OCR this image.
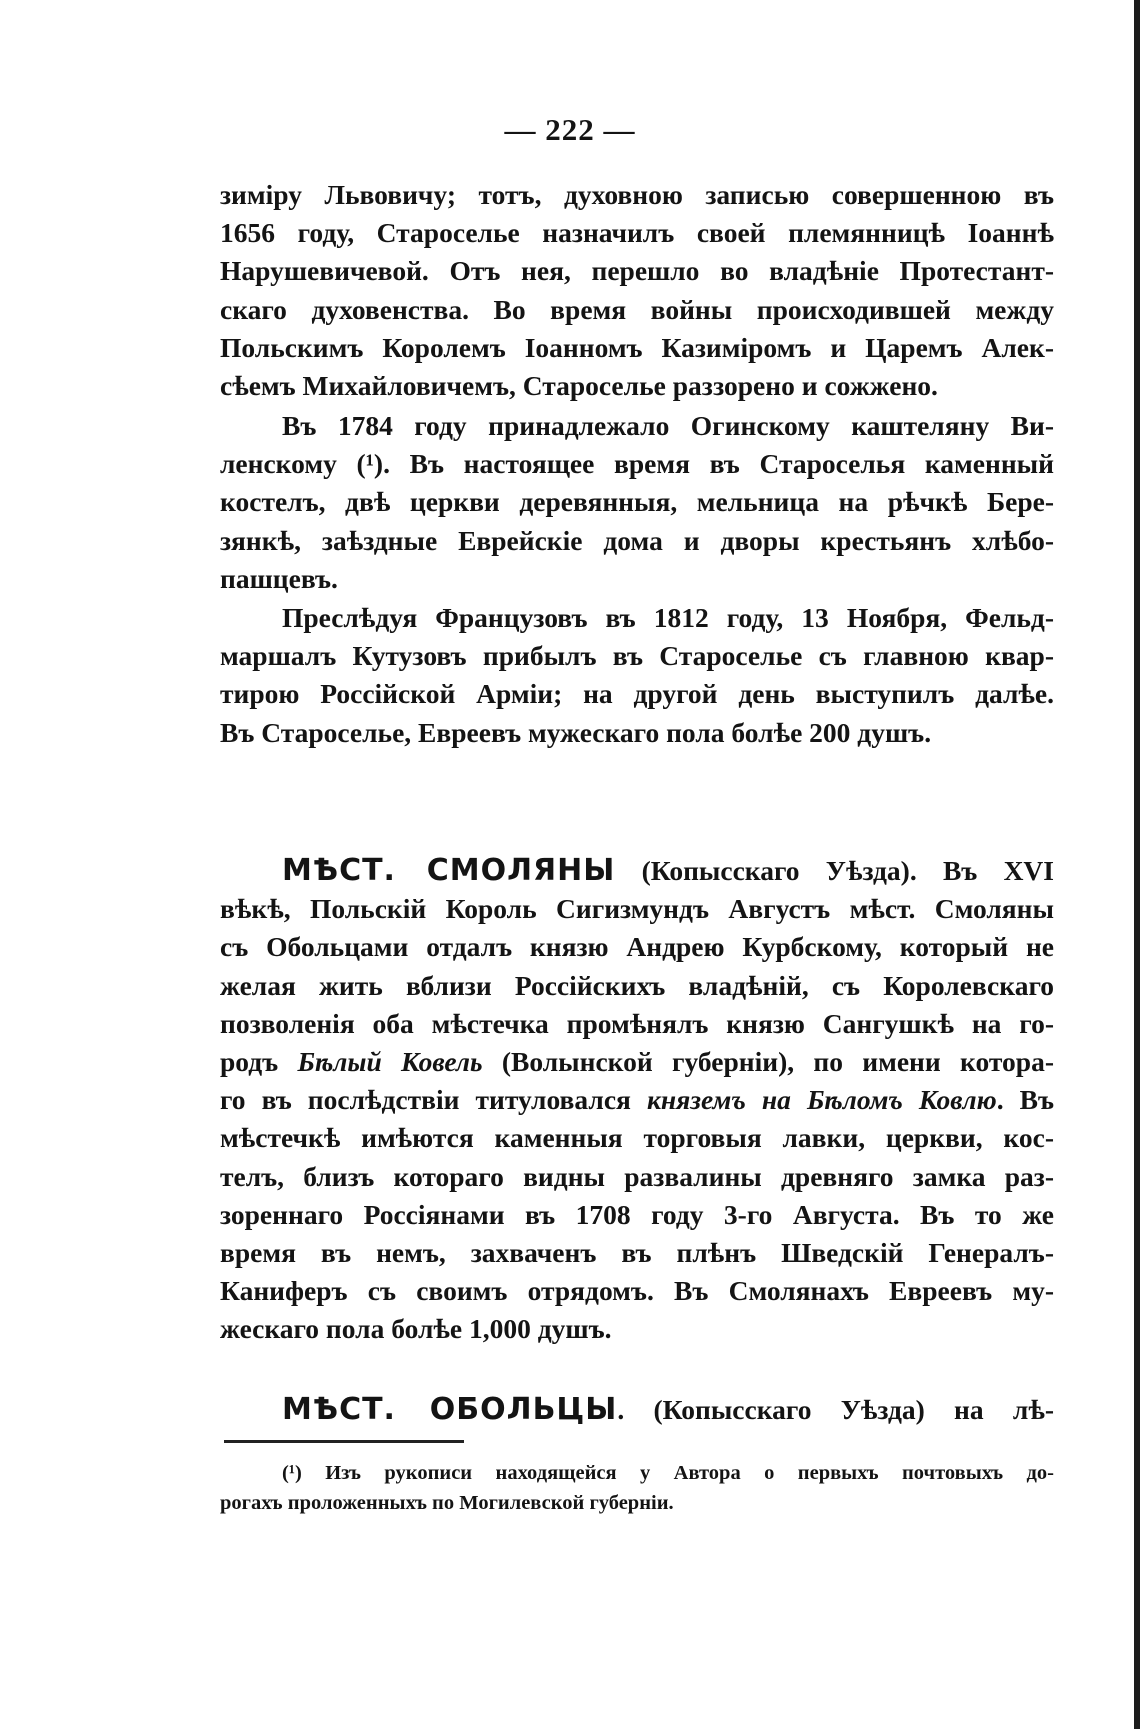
— 222 —

зиміру Львовичу; тотъ, духовною записью совершенною въ

1656 году, Староселье назначилъ своей племянницѣ Іоаннѣ

Нарушевичевой. Отъ нея, перешло во владѣніе Протестант-

скаго духовенства. Во время войны происходившей между

Польскимъ Королемъ Іоанномъ Казиміромъ и Царемъ Алек-

сѣемъ Михайловичемъ, Староселье раззорено и сожжено.

Въ 1784 году принадлежало Огинскому каштеляну Ви-

ленскому (¹). Въ настоящее время въ Староселья каменный

костелъ, двѣ церкви деревянныя, мельница на рѣчкѣ Бере-

зянкѣ, заѣздные Еврейскіе дома и дворы крестьянъ хлѣбо-

пашцевъ.

Преслѣдуя Французовъ въ 1812 году, 13 Ноября, Фельд-

маршалъ Кутузовъ прибылъ въ Староселье съ главною квар-

тирою Россійской Арміи; на другой день выступилъ далѣе.

Въ Староселье, Евреевъ мужескаго пола болѣе 200 душъ.

МѢСТ. СМОЛЯНЫ (Копысскаго Уѣзда). Въ XVI

вѣкѣ, Польскій Король Сигизмундъ Августъ мѣст. Смоляны

съ Обольцами отдалъ князю Андрею Курбскому, который не

желая жить вблизи Россійскихъ владѣній, съ Королевскаго

позволенія оба мѣстечка промѣнялъ князю Сангушкѣ на го-

родъ Бѣлый Ковель (Волынской губерніи), по имени котора-

го въ послѣдствіи титуловался княземъ на Бѣломъ Ковлю. Въ

мѣстечкѣ имѣются каменныя торговыя лавки, церкви, кос-

телъ, близъ котораго видны развалины древняго замка раз-

зореннаго Россіянами въ 1708 году 3-го Августа. Въ то же

время въ немъ, захваченъ въ плѣнъ Шведскій Генералъ-

Каниферъ съ своимъ отрядомъ. Въ Смолянахъ Евреевъ му-

жескаго пола болѣе 1,000 душъ.

МѢСТ. ОБОЛЬЦЫ. (Копысскаго Уѣзда) на лѣ-

(¹) Изъ рукописи находящейся у Автора о первыхъ почтовыхъ до-

рогахъ проложенныхъ по Могилевской губерніи.
